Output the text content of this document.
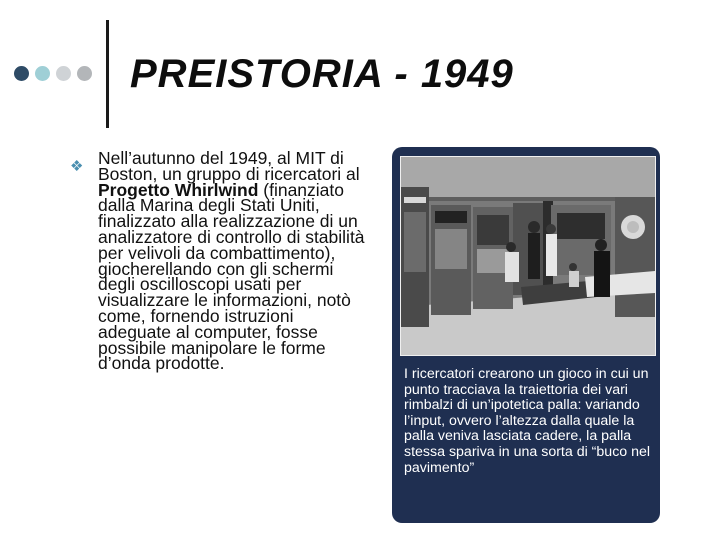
PREISTORIA - 1949
❖ Nell’autunno del 1949, al MIT di Boston, un gruppo di ricercatori al Progetto Whirlwind (finanziato dalla Marina degli Stati Uniti, finalizzato alla realizzazione di un analizzatore di controllo di stabilità per velivoli da combattimento), giocherellando con gli schermi degli oscilloscopi usati per visualizzare le informazioni, notò come, fornendo istruzioni adeguate al computer, fosse possibile manipolare le forme d’onda prodotte.

I ricercatori crearono un gioco in cui un punto tracciava la traiettoria dei vari rimbalzi di un’ipotetica palla: variando l’input, ovvero l’altezza dalla quale la palla veniva lasciata cadere, la palla stessa spariva in una sorta di “buco nel pavimento”
